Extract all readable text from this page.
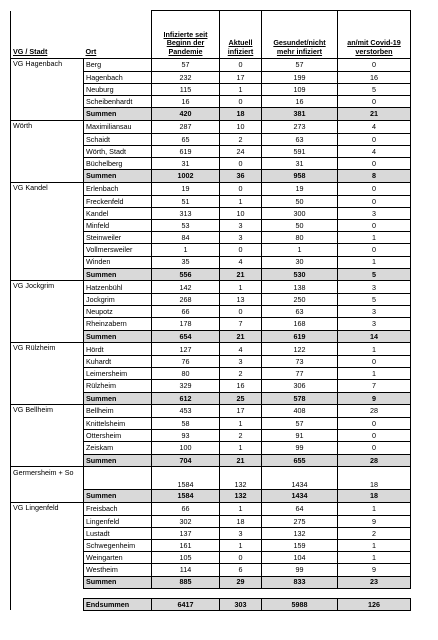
VG / Stadt	Ort	Infizierte seit Beginn der Pandemie	Aktuell infiziert	Gesundet/nicht mehr infiziert	an/mit Covid-19 verstorben
VG Hagenbach	Berg	57	0	57	0
	Hagenbach	232	17	199	16
	Neuburg	115	1	109	5
	Scheibenhardt	16	0	16	0
	Summen	420	18	381	21
Wörth	Maximiliansau	287	10	273	4
	Schaidt	65	2	63	0
	Wörth, Stadt	619	24	591	4
	Büchelberg	31	0	31	0
	Summen	1002	36	958	8
VG Kandel	Erlenbach	19	0	19	0
	Freckenfeld	51	1	50	0
	Kandel	313	10	300	3
	Minfeld	53	3	50	0
	Steinweiler	84	3	80	1
	Vollmersweiler	1	0	1	0
	Winden	35	4	30	1
	Summen	556	21	530	5
VG Jockgrim	Hatzenbühl	142	1	138	3
	Jockgrim	268	13	250	5
	Neupotz	66	0	63	3
	Rheinzabern	178	7	168	3
	Summen	654	21	619	14
VG Rülzheim	Hördt	127	4	122	1
	Kuhardt	76	3	73	0
	Leimersheim	80	2	77	1
	Rülzheim	329	16	306	7
	Summen	612	25	578	9
VG Bellheim	Bellheim	453	17	408	28
	Knittelsheim	58	1	57	0
	Ottersheim	93	2	91	0
	Zeiskam	100	1	99	0
	Summen	704	21	655	28
Germersheim + So		1584	132	1434	18
	Summen	1584	132	1434	18
VG Lingenfeld	Freisbach	66	1	64	1
	Lingenfeld	302	18	275	9
	Lustadt	137	3	132	2
	Schwegenheim	161	1	159	1
	Weingarten	105	0	104	1
	Westheim	114	6	99	9
	Summen	885	29	833	23

	Endsummen	6417	303	5988	126
